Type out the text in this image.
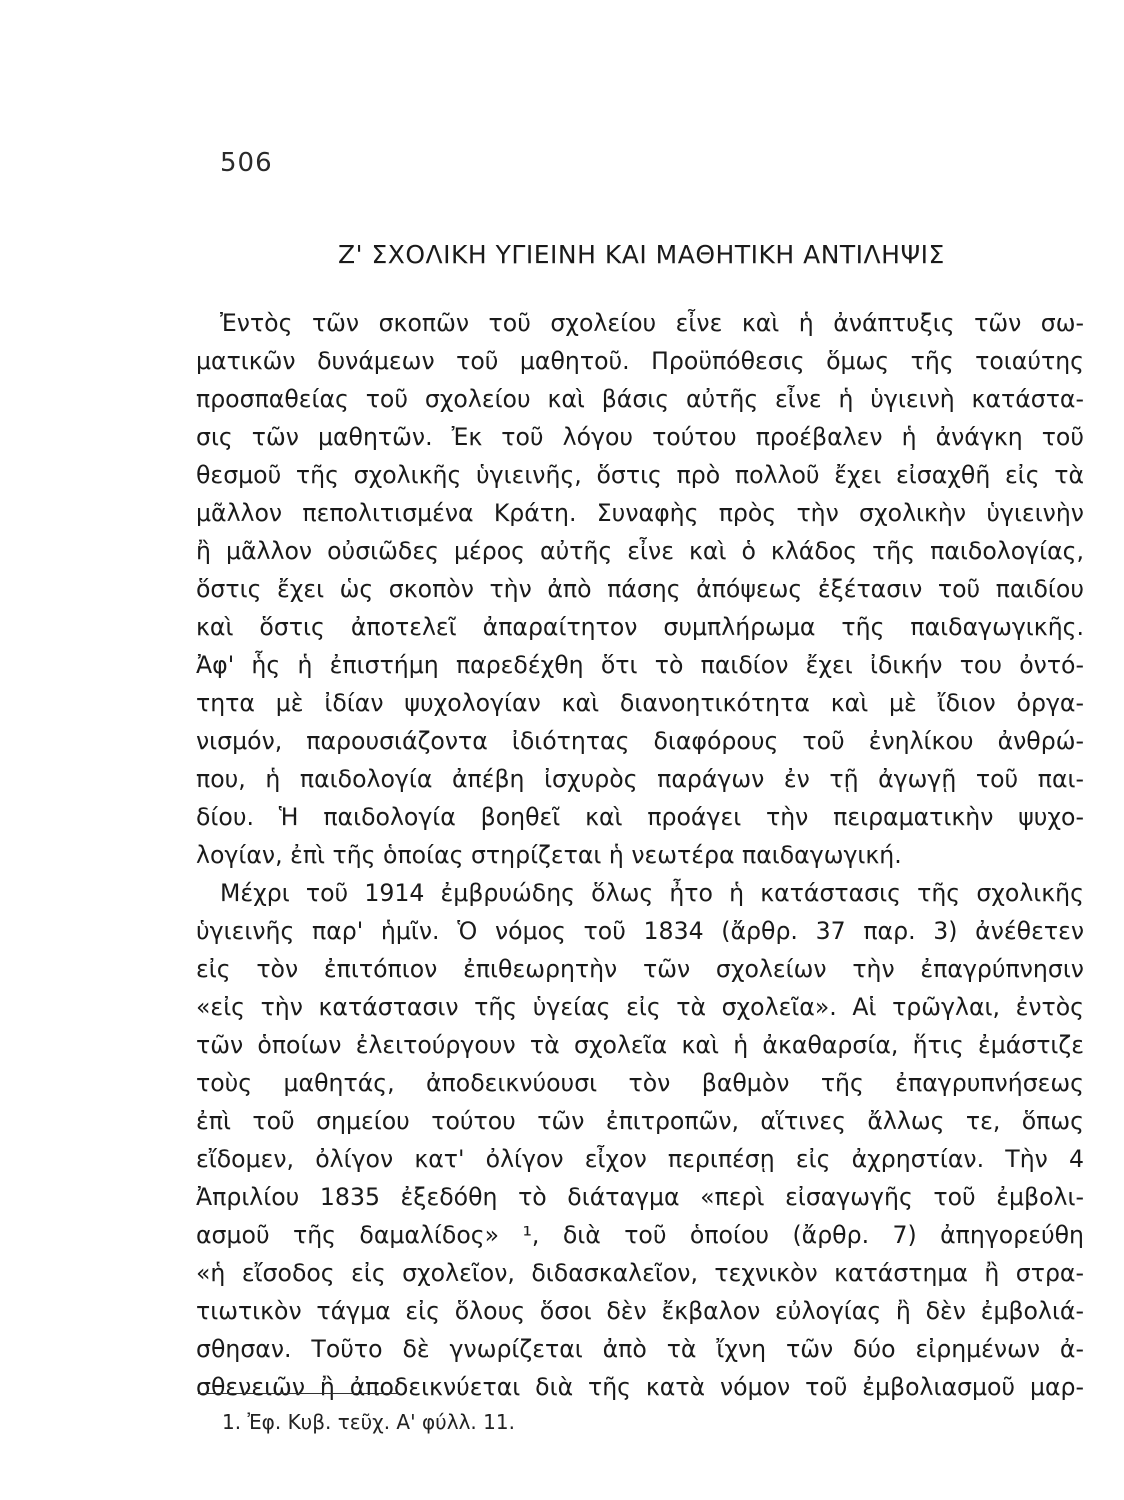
506
Ζ' ΣΧΟΛΙΚΗ ΥΓΙΕΙΝΗ ΚΑΙ ΜΑΘΗΤΙΚΗ ΑΝΤΙΛΗΨΙΣ
Ἐντὸς τῶν σκοπῶν τοῦ σχολείου εἶνε καὶ ἡ ἀνάπτυξις τῶν σω-
ματικῶν δυνάμεων τοῦ μαθητοῦ. Προϋπόθεσις ὅμως τῆς τοιαύτης
προσπαθείας τοῦ σχολείου καὶ βάσις αὐτῆς εἶνε ἡ ὑγιεινὴ κατάστα-
σις τῶν μαθητῶν. Ἐκ τοῦ λόγου τούτου προέβαλεν ἡ ἀνάγκη τοῦ
θεσμοῦ τῆς σχολικῆς ὑγιεινῆς, ὅστις πρὸ πολλοῦ ἔχει εἰσαχθῆ εἰς τὰ
μᾶλλον πεπολιτισμένα Κράτη. Συναφὴς πρὸς τὴν σχολικὴν ὑγιεινὴν
ἢ μᾶλλον οὐσιῶδες μέρος αὐτῆς εἶνε καὶ ὁ κλάδος τῆς παιδολογίας,
ὅστις ἔχει ὡς σκοπὸν τὴν ἀπὸ πάσης ἀπόψεως ἐξέτασιν τοῦ παιδίου
καὶ ὅστις ἀποτελεῖ ἀπαραίτητον συμπλήρωμα τῆς παιδαγωγικῆς.
Ἀφ' ἧς ἡ ἐπιστήμη παρεδέχθη ὅτι τὸ παιδίον ἔχει ἰδικήν του ὀντό-
τητα μὲ ἰδίαν ψυχολογίαν καὶ διανοητικότητα καὶ μὲ ἴδιον ὀργα-
νισμόν, παρουσιάζοντα ἰδιότητας διαφόρους τοῦ ἐνηλίκου ἀνθρώ-
που, ἡ παιδολογία ἀπέβη ἰσχυρὸς παράγων ἐν τῇ ἀγωγῇ τοῦ παι-
δίου. Ἡ παιδολογία βοηθεῖ καὶ προάγει τὴν πειραματικὴν ψυχο-
λογίαν, ἐπὶ τῆς ὁποίας στηρίζεται ἡ νεωτέρα παιδαγωγική.
Μέχρι τοῦ 1914 ἐμβρυώδης ὅλως ἦτο ἡ κατάστασις τῆς σχολικῆς
ὑγιεινῆς παρ' ἡμῖν. Ὁ νόμος τοῦ 1834 (ἄρθρ. 37 παρ. 3) ἀνέθετεν
εἰς τὸν ἐπιτόπιον ἐπιθεωρητὴν τῶν σχολείων τὴν ἐπαγρύπνησιν
«εἰς τὴν κατάστασιν τῆς ὑγείας εἰς τὰ σχολεῖα». Αἱ τρῶγλαι, ἐντὸς
τῶν ὁποίων ἐλειτούργουν τὰ σχολεῖα καὶ ἡ ἀκαθαρσία, ἥτις ἐμάστιζε
τοὺς μαθητάς, ἀποδεικνύουσι τὸν βαθμὸν τῆς ἐπαγρυπνήσεως
ἐπὶ τοῦ σημείου τούτου τῶν ἐπιτροπῶν, αἵτινες ἄλλως τε, ὅπως
εἴδομεν, ὀλίγον κατ' ὀλίγον εἶχον περιπέσῃ εἰς ἀχρηστίαν. Τὴν 4
Ἀπριλίου 1835 ἐξεδόθη τὸ διάταγμα «περὶ εἰσαγωγῆς τοῦ ἐμβολι-
ασμοῦ τῆς δαμαλίδος» ¹, διὰ τοῦ ὁποίου (ἄρθρ. 7) ἀπηγορεύθη
«ἡ εἴσοδος εἰς σχολεῖον, διδασκαλεῖον, τεχνικὸν κατάστημα ἢ στρα-
τιωτικὸν τάγμα εἰς ὅλους ὅσοι δὲν ἔκβαλον εὐλογίας ἢ δὲν ἐμβολιά-
σθησαν. Τοῦτο δὲ γνωρίζεται ἀπὸ τὰ ἴχνη τῶν δύο εἰρημένων ἀ-
σθενειῶν ἢ ἀποδεικνύεται διὰ τῆς κατὰ νόμον τοῦ ἐμβολιασμοῦ μαρ-
1. Ἐφ. Κυβ. τεῦχ. Α' φύλλ. 11.
